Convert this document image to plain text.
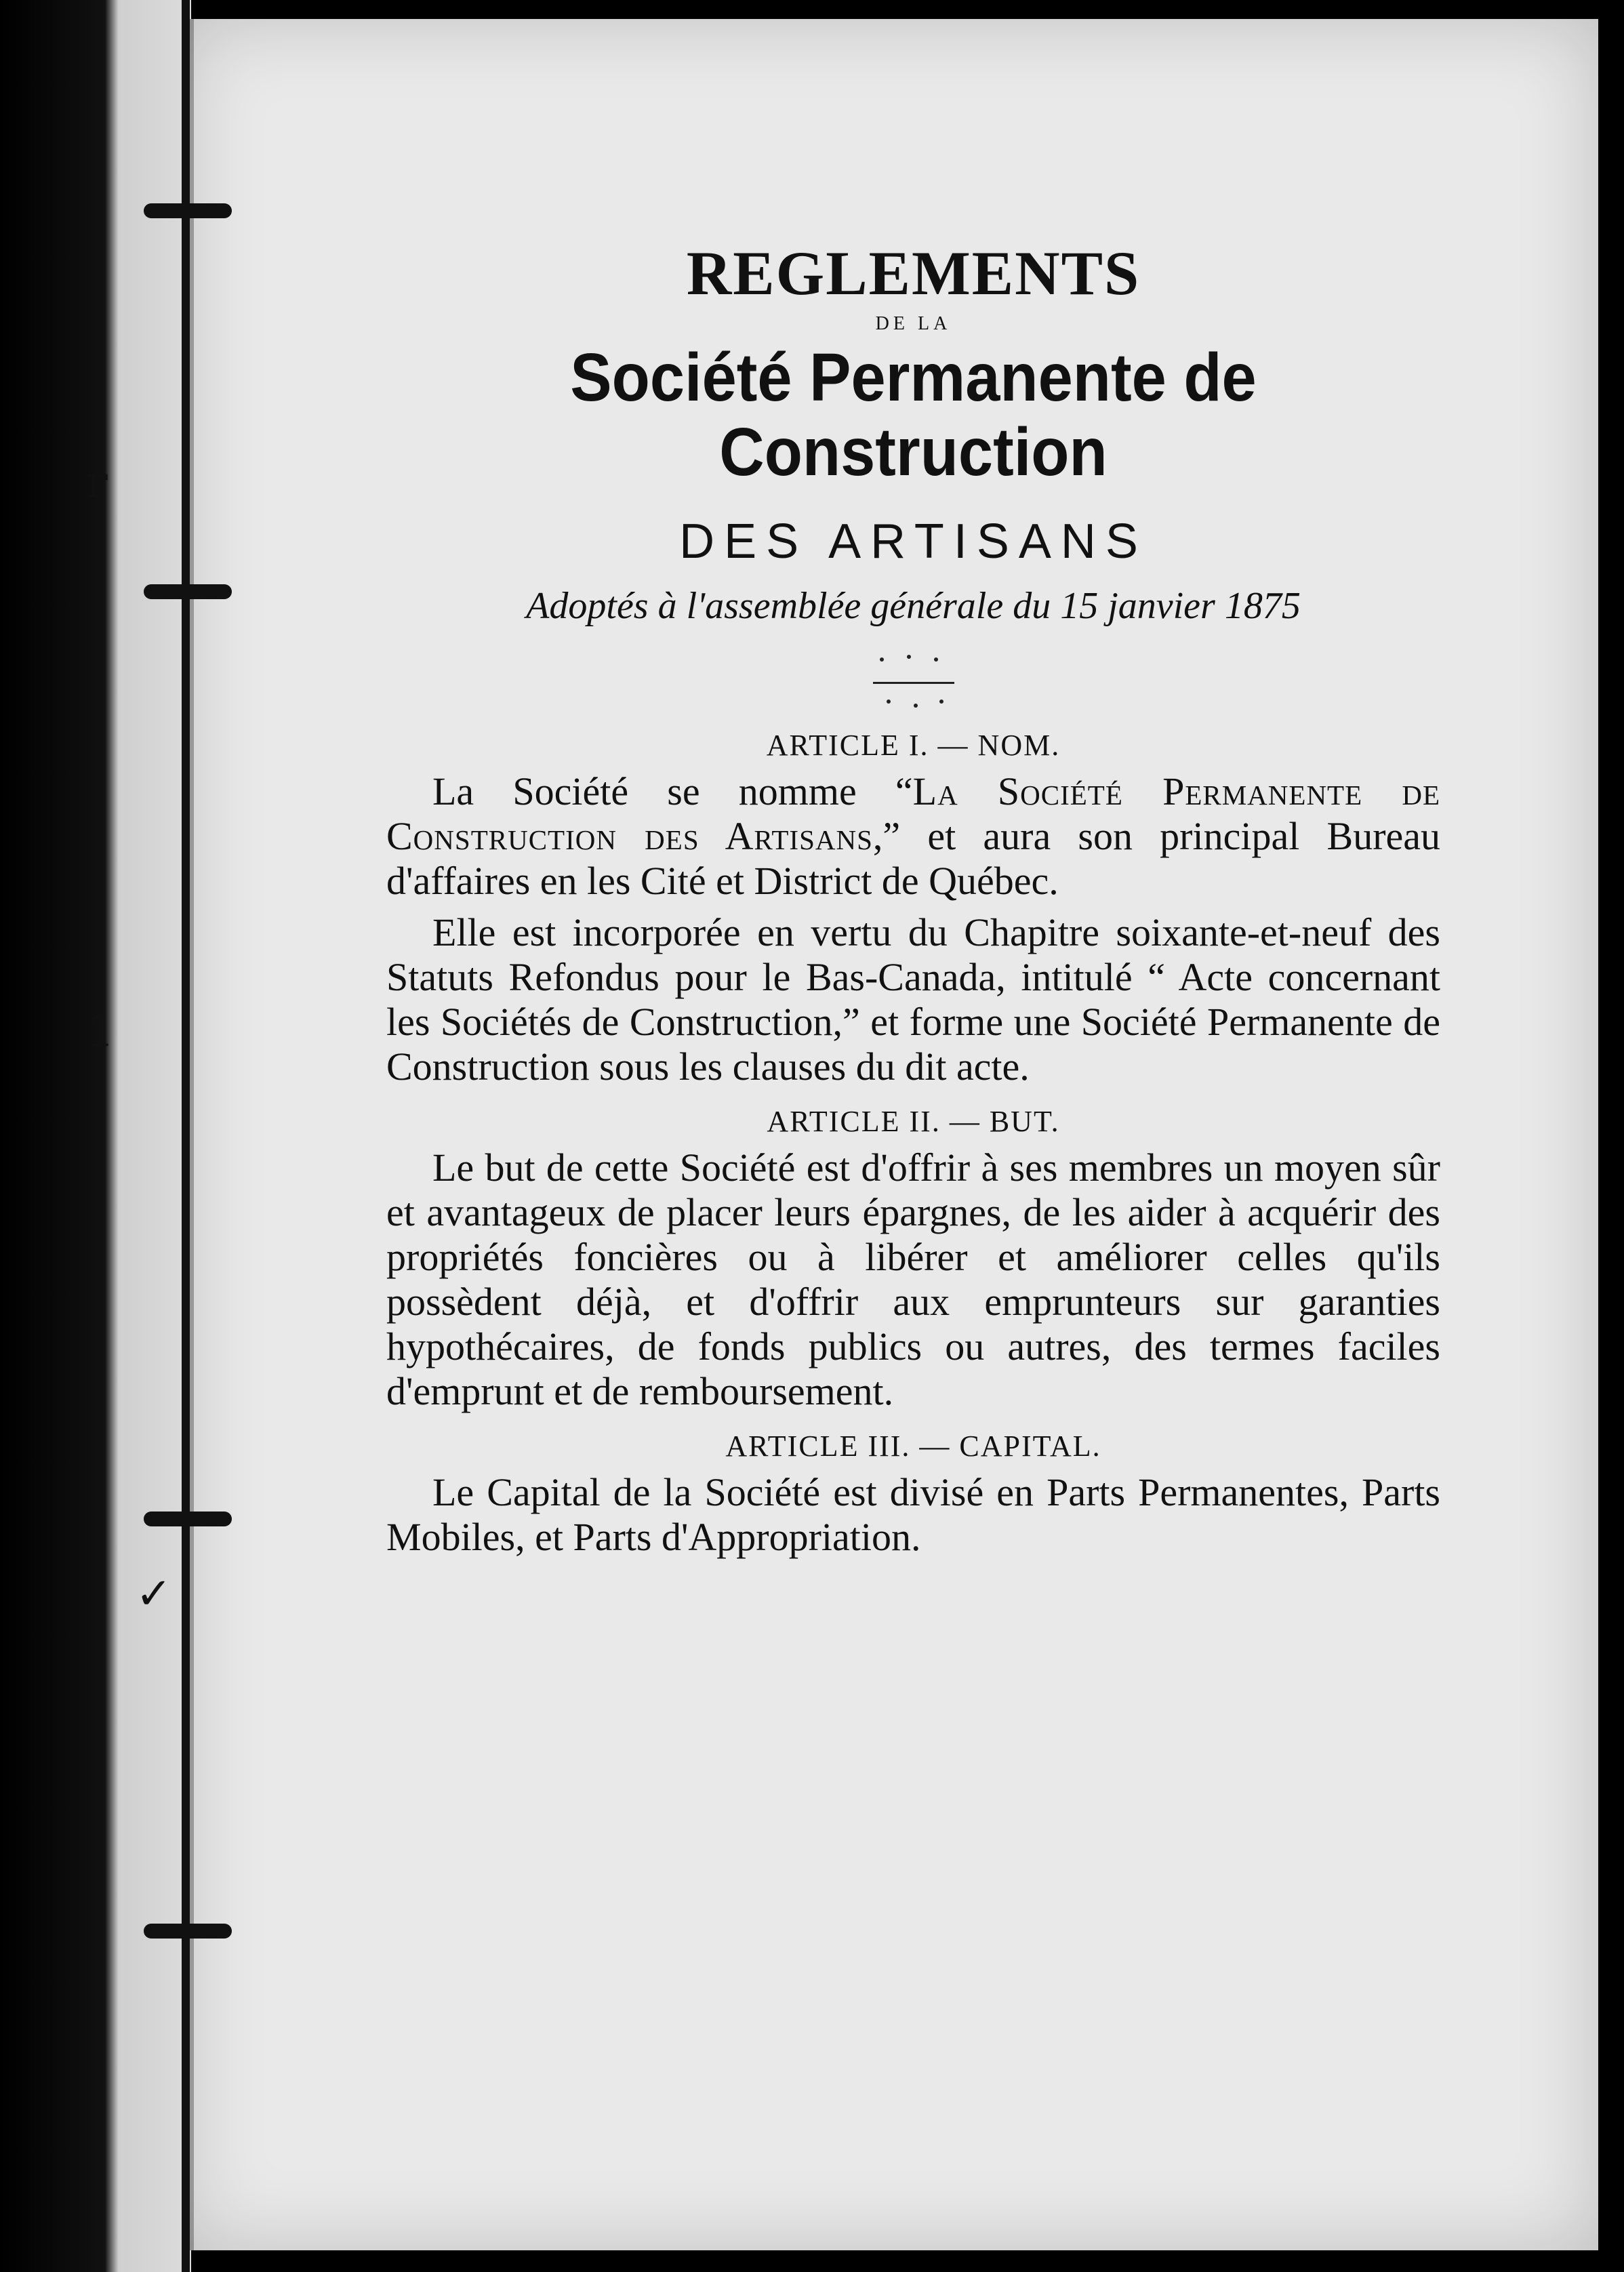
r
1
✓
REGLEMENTS
DE LA
Société Permanente de Construction
DES ARTISANS
Adoptés à l'assemblée générale du 15 janvier 1875
ARTICLE I. — NOM.

La Société se nomme “La Société Permanente de Construction des Artisans,” et aura son principal Bureau d'affaires en les Cité et District de Québec.

Elle est incorporée en vertu du Chapitre soixante-et-neuf des Statuts Refondus pour le Bas-Canada, intitulé “ Acte concernant les Sociétés de Construction,” et forme une Société Permanente de Construction sous les clauses du dit acte.

ARTICLE II. — BUT.

Le but de cette Société est d'offrir à ses membres un moyen sûr et avantageux de placer leurs épargnes, de les aider à acquérir des propriétés foncières ou à libérer et améliorer celles qu'ils possèdent déjà, et d'offrir aux emprunteurs sur garanties hypothécaires, de fonds publics ou autres, des termes faciles d'emprunt et de remboursement.

ARTICLE III. — CAPITAL.

Le Capital de la Société est divisé en Parts Permanentes, Parts Mobiles, et Parts d'Appropriation.
